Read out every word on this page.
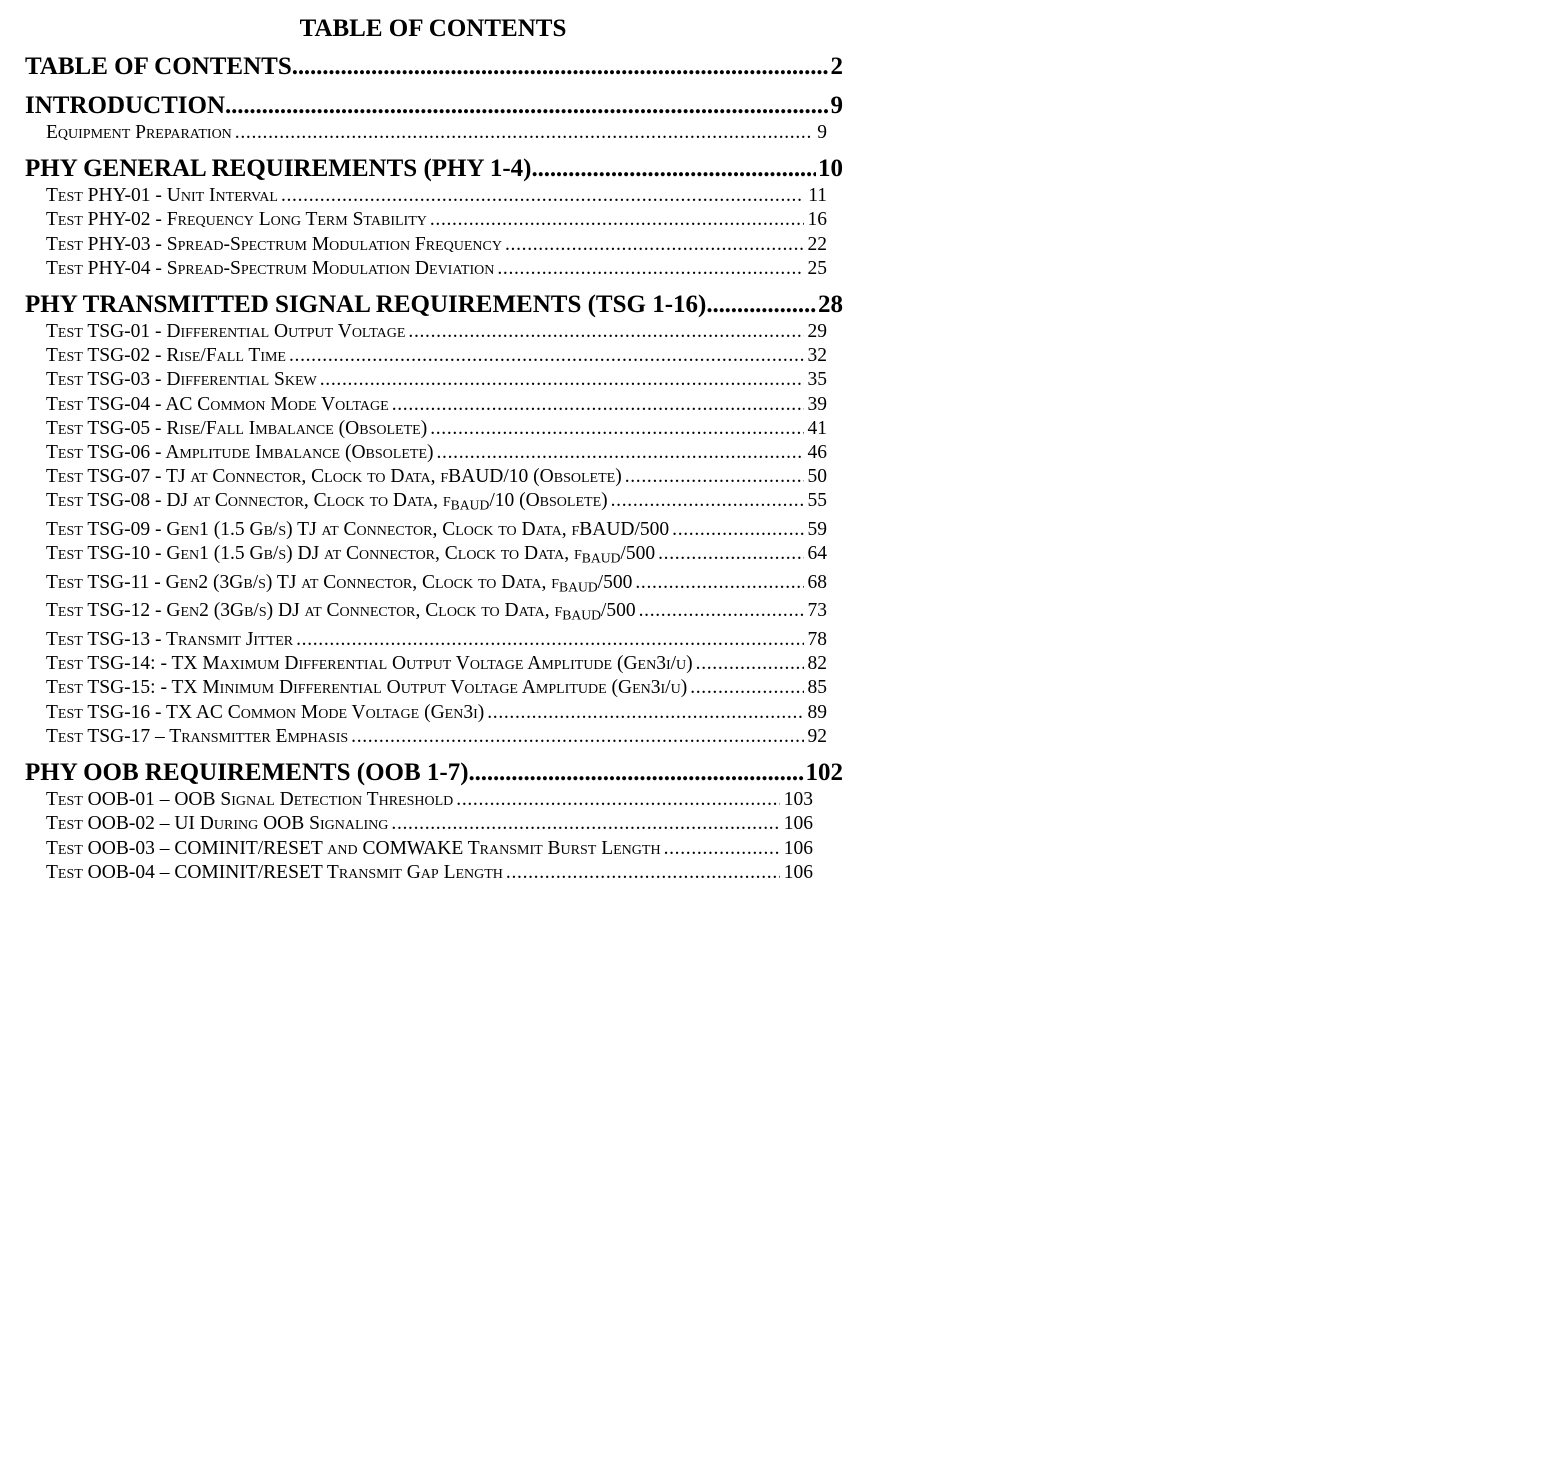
TABLE OF CONTENTS
TABLE OF CONTENTS . . .	2
INTRODUCTION . . .	9
Equipment Preparation . . .	9
PHY GENERAL REQUIREMENTS (PHY 1-4) . . .	10
Test PHY-01 - Unit Interval . . .	11
Test PHY-02 - Frequency Long Term Stability . . .	16
Test PHY-03 - Spread-Spectrum Modulation Frequency . . .	22
Test PHY-04 - Spread-Spectrum Modulation Deviation . . .	25
PHY TRANSMITTED SIGNAL REQUIREMENTS (TSG 1-16) . . .	28
Test TSG-01 - Differential Output Voltage . . .	29
Test TSG-02 - Rise/Fall Time . . .	32
Test TSG-03 - Differential Skew . . .	35
Test TSG-04 - AC Common Mode Voltage . . .	39
Test TSG-05 - Rise/Fall Imbalance (Obsolete) . . .	41
Test TSG-06 - Amplitude Imbalance (Obsolete) . . .	46
Test TSG-07 - TJ at Connector, Clock to Data, fBAUD/10 (Obsolete) . . .	50
Test TSG-08 - DJ at Connector, Clock to Data, $f_{BAUD}/10$ (Obsolete) . . .	55
Test TSG-09 - Gen1 (1.5 Gb/s) TJ at Connector, Clock to Data, fBAUD/500 . . .	59
Test TSG-10 - Gen1 (1.5 Gb/s) DJ at Connector, Clock to Data, $f_{BAUD}/500$ . . .	64
Test TSG-11 - Gen2 (3Gb/s) TJ at Connector, Clock to Data, $f_{BAUD}/500$ . . .	68
Test TSG-12 - Gen2 (3Gb/s) DJ at Connector, Clock to Data, $f_{BAUD}/500$ . . .	73
Test TSG-13 - Transmit Jitter . . .	78
Test TSG-14: - TX Maximum Differential Output Voltage Amplitude (Gen3i/u) . . .	82
Test TSG-15: - TX Minimum Differential Output Voltage Amplitude (Gen3i/u) . . .	85
Test TSG-16 - TX AC Common Mode Voltage (Gen3i) . . .	89
Test TSG-17 – Transmitter Emphasis . . .	92
PHY OOB REQUIREMENTS (OOB 1-7) . . .	102
Test OOB-01 – OOB Signal Detection Threshold . . .	103
Test OOB-02 – UI During OOB Signaling . . .	106
Test OOB-03 – COMINIT/RESET and COMWAKE Transmit Burst Length . . .	106
Test OOB-04 – COMINIT/RESET Transmit Gap Length . . .	106
